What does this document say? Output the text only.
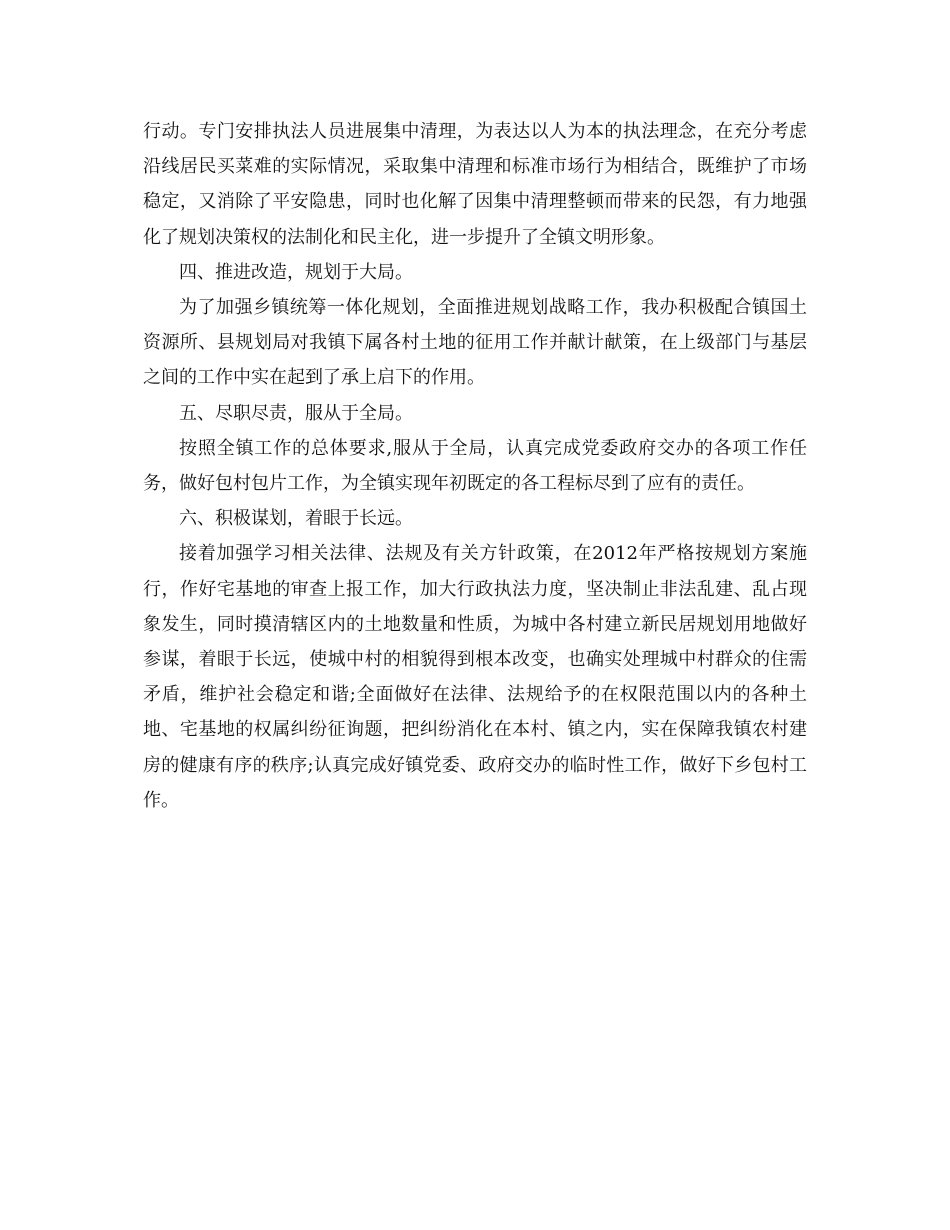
行动。专门安排执法人员进展集中清理，为表达以人为本的执法理念，在充分考虑沿线居民买菜难的实际情况，采取集中清理和标准市场行为相结合，既维护了市场稳定，又消除了平安隐患，同时也化解了因集中清理整顿而带来的民怨，有力地强化了规划决策权的法制化和民主化，进一步提升了全镇文明形象。

四、推进改造，规划于大局。

为了加强乡镇统筹一体化规划，全面推进规划战略工作，我办积极配合镇国土资源所、县规划局对我镇下属各村土地的征用工作并献计献策，在上级部门与基层之间的工作中实在起到了承上启下的作用。

五、尽职尽责，服从于全局。

按照全镇工作的总体要求,服从于全局，认真完成党委政府交办的各项工作任务，做好包村包片工作，为全镇实现年初既定的各工程标尽到了应有的责任。

六、积极谋划，着眼于长远。

接着加强学习相关法律、法规及有关方针政策，在2012年严格按规划方案施行，作好宅基地的审查上报工作，加大行政执法力度，坚决制止非法乱建、乱占现象发生，同时摸清辖区内的土地数量和性质，为城中各村建立新民居规划用地做好参谋，着眼于长远，使城中村的相貌得到根本改变，也确实处理城中村群众的住需矛盾，维护社会稳定和谐;全面做好在法律、法规给予的在权限范围以内的各种土地、宅基地的权属纠纷征询题，把纠纷消化在本村、镇之内，实在保障我镇农村建房的健康有序的秩序;认真完成好镇党委、政府交办的临时性工作，做好下乡包村工作。
